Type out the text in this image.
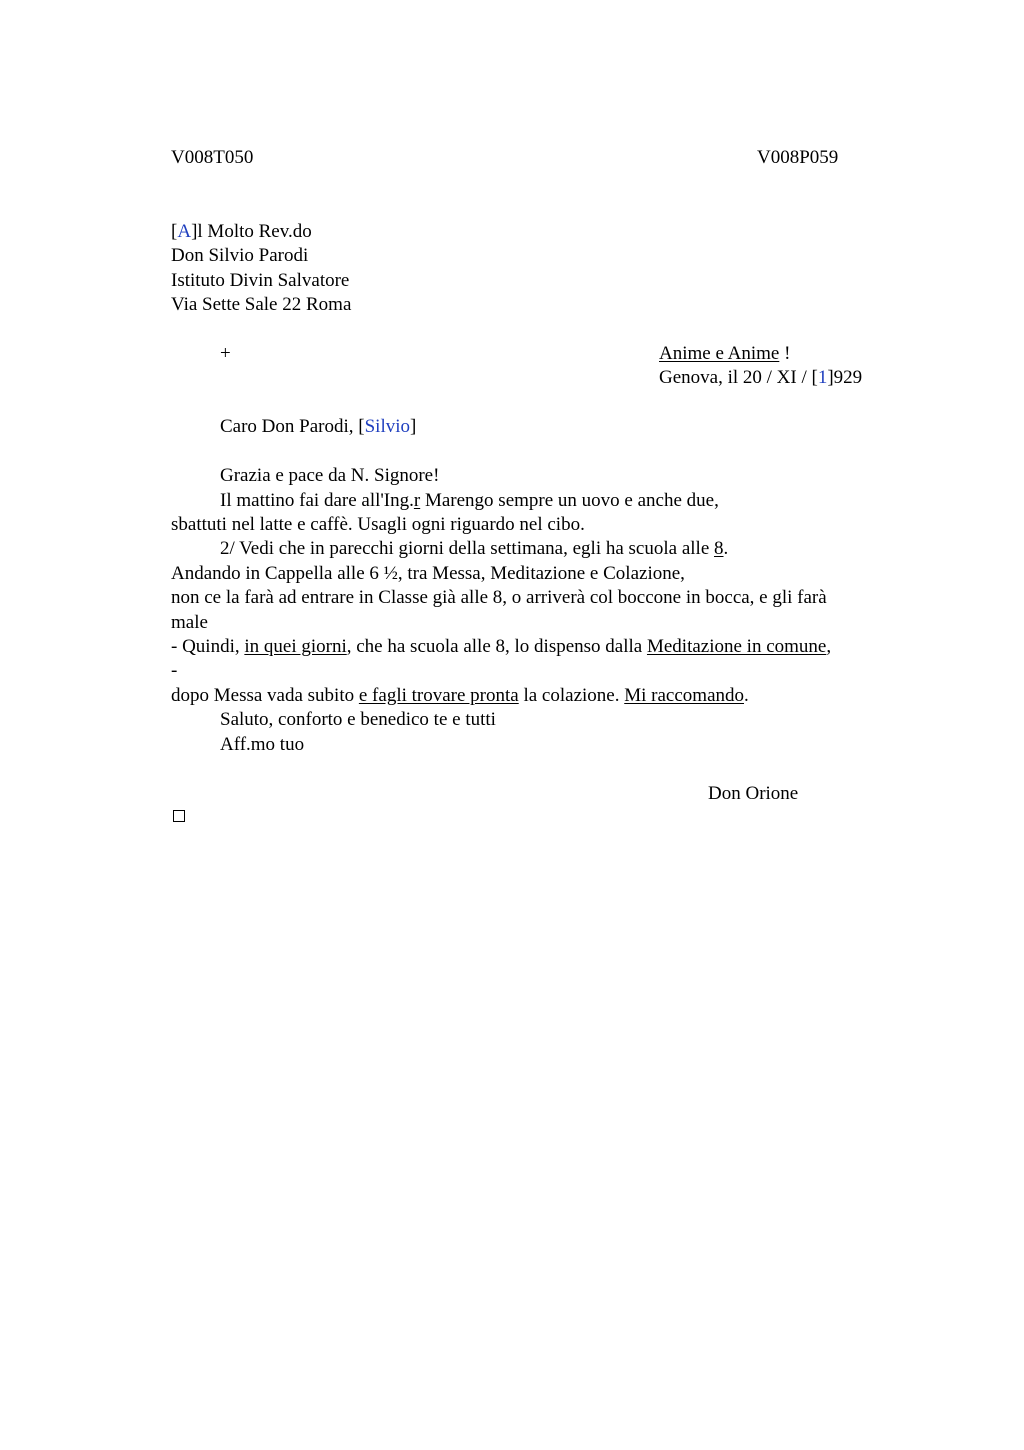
V008T050	V008P059
[A]l Molto Rev.do
Don Silvio Parodi
Istituto Divin Salvatore
Via Sette Sale 22 Roma
+	Anime e Anime !
Genova, il 20 / XI / [1]929
Caro Don Parodi, [Silvio]
Grazia e pace da N. Signore!
Il mattino fai dare all'Ing.r Marengo sempre un uovo e anche due,
sbattuti nel latte e caffè. Usagli ogni riguardo nel cibo.
2/ Vedi che in parecchi giorni della settimana, egli ha scuola alle 8.
Andando in Cappella alle 6 ½, tra Messa, Meditazione e Colazione,
non ce la farà ad entrare in Classe già alle 8, o arriverà col boccone in bocca, e gli farà
male
- Quindi, in quei giorni, che ha scuola alle 8, lo dispenso dalla Meditazione in comune,
-
dopo Messa vada subito e fagli trovare pronta la colazione. Mi raccomando.
Saluto, conforto e benedico te e tutti
Aff.mo tuo
Don Orione
